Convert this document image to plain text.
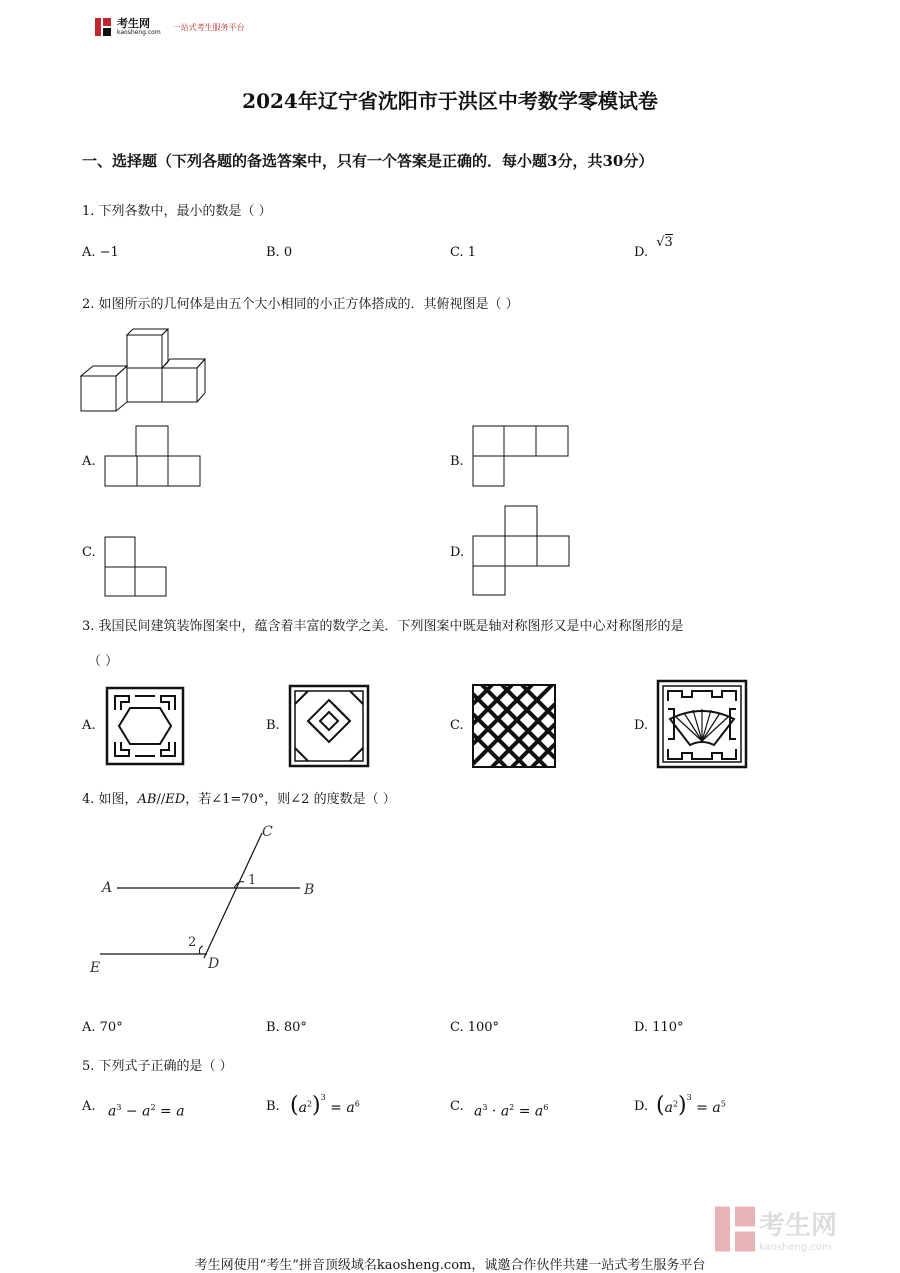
考生网
kaosheng.com
一站式考生服务平台
2024年辽宁省沈阳市于洪区中考数学零模试卷
一、选择题（下列各题的备选答案中，只有一个答案是正确的．每小题3分，共30分）
1. 下列各数中，最小的数是（ ）
A. −1	B. 0	C. 1	D. √3
2. 如图所示的几何体是由五个大小相同的小正方体搭成的．其俯视图是（ ）
A.	B.
C.	D.
3. 我国民间建筑装饰图案中，蕴含着丰富的数学之美．下列图案中既是轴对称图形又是中心对称图形的是
（ ）
A.	B.	C.	D.
4. 如图，AB//ED，若∠1=70°，则∠2 的度数是（ ）
C
A	B
1
2
E	D
A. 70°	B. 80°	C. 100°	D. 110°
5. 下列式子正确的是（ ）
A. $a^3 - a^2 = a$	B. $(a^2)^3 = a^6$	C. $a^3 \cdot a^2 = a^6$	D. $(a^2)^3 = a^5$
考生网
kaosheng.com
考生网使用“考生”拼音顶级域名kaosheng.com，诚邀合作伙伴共建一站式考生服务平台
